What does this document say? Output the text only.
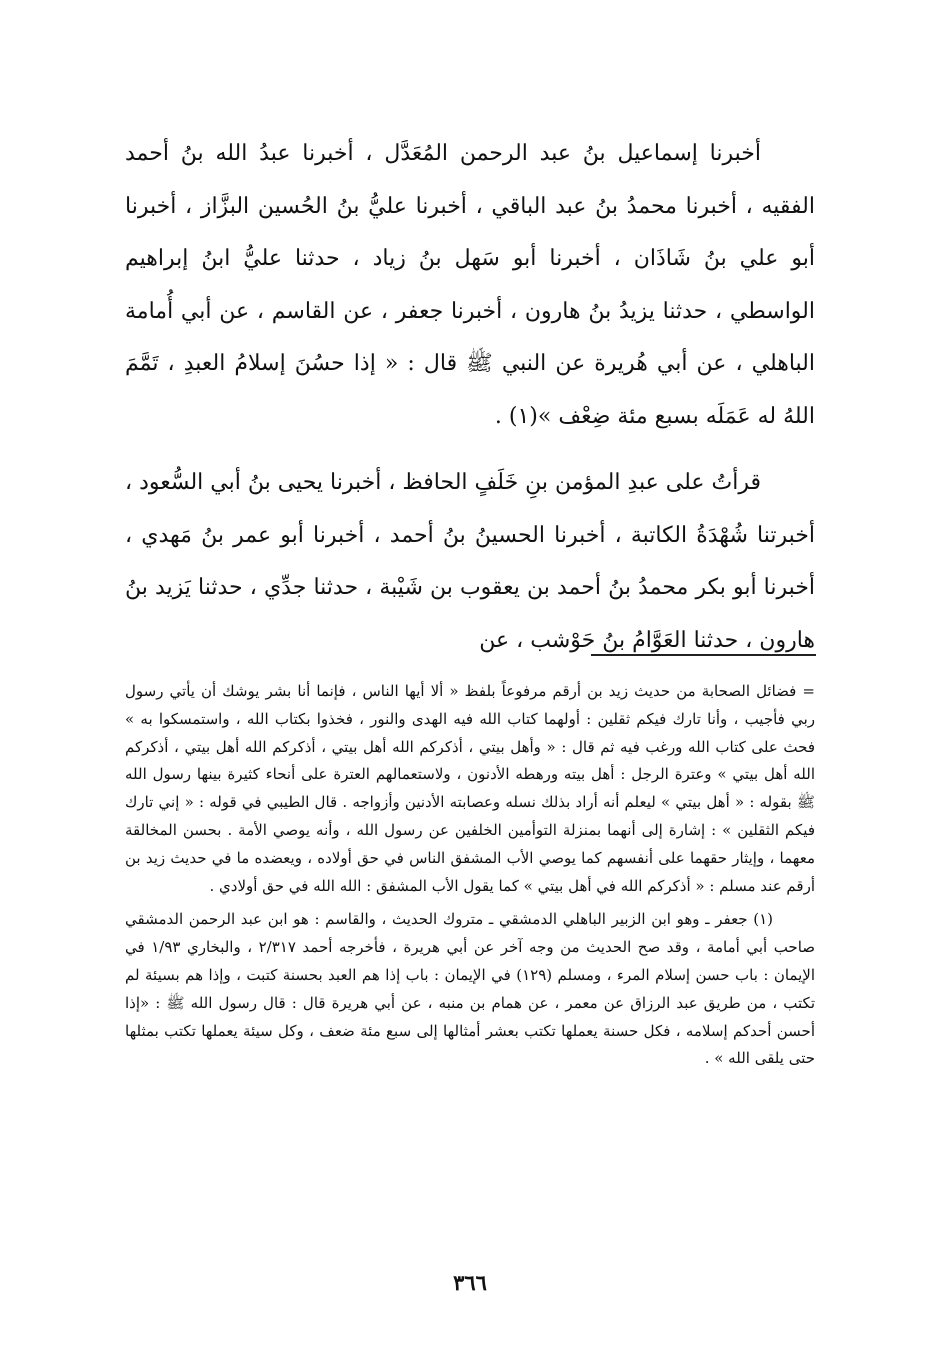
أخبرنا إسماعيل بنُ عبد الرحمن المُعَدَّل ، أخبرنا عبدُ الله بنُ أحمد الفقيه ، أخبرنا محمدُ بنُ عبد الباقي ، أخبرنا عليُّ بنُ الحُسين البزَّاز ، أخبرنا أبو علي بنُ شَاذَان ، أخبرنا أبو سَهل بنُ زياد ، حدثنا عليُّ ابنُ إبراهيم الواسطي ، حدثنا يزيدُ بنُ هارون ، أخبرنا جعفر ، عن القاسم ، عن أبي أُمامة الباهلي ، عن أبي هُريرة عن النبي ﷺ قال : « إذا حسُنَ إسلامُ العبدِ ، تَمَّمَ اللهُ له عَمَلَه بسبع مئة ضِعْف »(١) .

قرأتُ على عبدِ المؤمن بنِ خَلَفٍ الحافظ ، أخبرنا يحيى بنُ أبي السُّعود ، أخبرتنا شُهْدَةُ الكاتبة ، أخبرنا الحسينُ بنُ أحمد ، أخبرنا أبو عمر بنُ مَهدي ، أخبرنا أبو بكر محمدُ بنُ أحمد بن يعقوب بن شَيْبة ، حدثنا جدِّي ، حدثنا يَزيد بنُ هارون ، حدثنا العَوَّامُ بنُ حَوْشب ، عن

= فضائل الصحابة من حديث زيد بن أرقم مرفوعاً بلفظ « ألا أيها الناس ، فإنما أنا بشر يوشك أن يأتي رسول ربي فأجيب ، وأنا تارك فيكم ثقلين : أولهما كتاب الله فيه الهدى والنور ، فخذوا بكتاب الله ، واستمسكوا به » فحث على كتاب الله ورغب فيه ثم قال : « وأهل بيتي ، أذكركم الله أهل بيتي ، أذكركم الله أهل بيتي ، أذكركم الله أهل بيتي » وعترة الرجل : أهل بيته ورهطه الأدنون ، ولاستعمالهم العترة على أنحاء كثيرة بينها رسول الله ﷺ بقوله : « أهل بيتي » ليعلم أنه أراد بذلك نسله وعصابته الأدنين وأزواجه . قال الطيبي في قوله : « إني تارك فيكم الثقلين » : إشارة إلى أنهما بمنزلة التوأمين الخلفين عن رسول الله ، وأنه يوصي الأمة . بحسن المخالقة معهما ، وإيثار حقهما على أنفسهم كما يوصي الأب المشفق الناس في حق أولاده ، ويعضده ما في حديث زيد بن أرقم عند مسلم : « أذكركم الله في أهل بيتي » كما يقول الأب المشفق : الله الله في حق أولادي .

(١) جعفر ـ وهو ابن الزبير الباهلي الدمشقي ـ متروك الحديث ، والقاسم : هو ابن عبد الرحمن الدمشقي صاحب أبي أمامة ، وقد صح الحديث من وجه آخر عن أبي هريرة ، فأخرجه أحمد ٢/٣١٧ ، والبخاري ١/٩٣ في الإيمان : باب حسن إسلام المرء ، ومسلم (١٢٩) في الإيمان : باب إذا هم العبد بحسنة كتبت ، وإذا هم بسيئة لم تكتب ، من طريق عبد الرزاق عن معمر ، عن همام بن منبه ، عن أبي هريرة قال : قال رسول الله ﷺ : «إذا أحسن أحدكم إسلامه ، فكل حسنة يعملها تكتب بعشر أمثالها إلى سبع مئة ضعف ، وكل سيئة يعملها تكتب بمثلها حتى يلقى الله » .

٣٦٦
